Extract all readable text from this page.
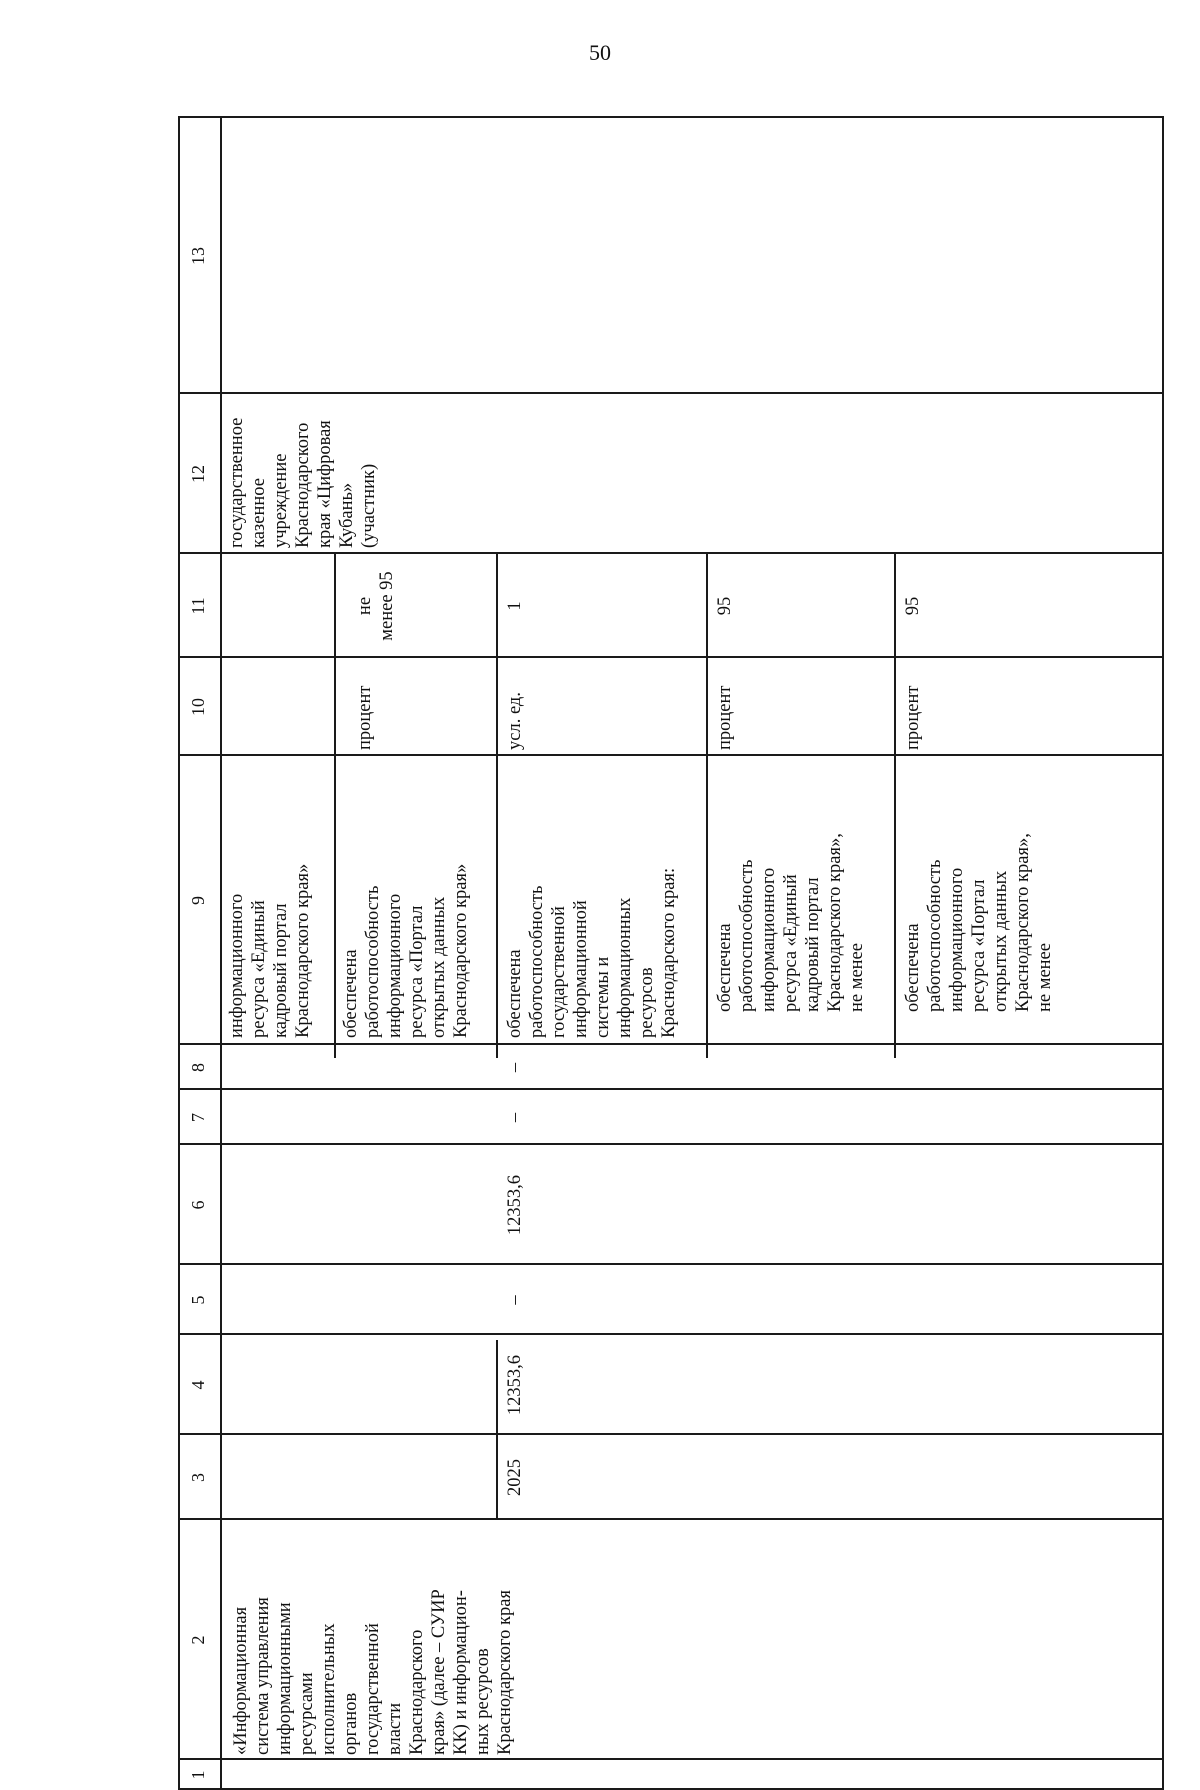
50
1
2
3
4
5
6
7
8
9
10
11
12
13
«Информационная
система управления
информационными
ресурсами
исполнительных
органов
государственной
власти
Краснодарского
края» (далее – СУИР
КК) и информацион-
ных ресурсов
Краснодарского края
информационного
ресурса «Единый
кадровый портал
Краснодарского края»
государственное
казенное
учреждение
Краснодарского
края «Цифровая
Кубань»
(участник)
обеспечена
работоспособность
информационного
ресурса «Портал
открытых данных
Краснодарского края»
процент
не
менее 95
2025
12353,6
–
12353,6
–
–
обеспечена
работоспособность
государственной
информационной
системы и
информационных
ресурсов
Краснодарского края:
усл. ед.
1
обеспечена
работоспособность
информационного
ресурса «Единый
кадровый портал
Краснодарского края»,
не менее
процент
95
обеспечена
работоспособность
информационного
ресурса «Портал
открытых данных
Краснодарского края»,
не менее
процент
95
